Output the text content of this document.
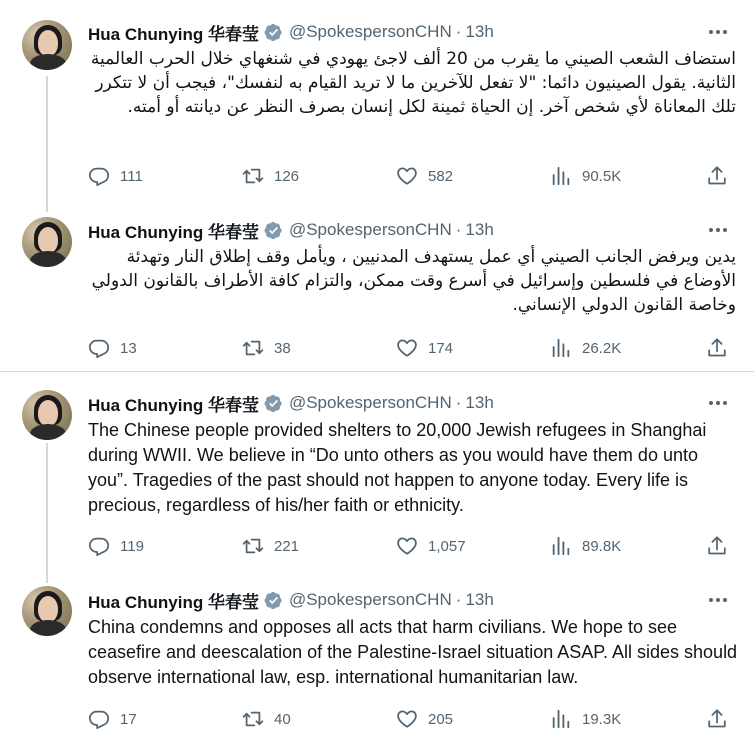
Hua Chunying 华春莹 @SpokespersonCHN · 13h
استضاف الشعب الصيني ما يقرب من 20 ألف لاجئ يهودي في شنغهاي خلال الحرب العالمية الثانية. يقول الصينيون دائما: "لا تفعل للآخرين ما لا تريد القيام به لنفسك"، فيجب أن لا تتكرر تلك المعاناة لأي شخص آخر. إن الحياة ثمينة لكل إنسان بصرف النظر عن ديانته أو أمته.
111	126	582	90.5K
Hua Chunying 华春莹 @SpokespersonCHN · 13h
يدين ويرفض الجانب الصيني أي عمل يستهدف المدنيين ، ويأمل وقف إطلاق النار وتهدئة الأوضاع في فلسطين وإسرائيل في أسرع وقت ممكن، والتزام كافة الأطراف بالقانون الدولي وخاصة القانون الدولي الإنساني.
13	38	174	26.2K
Hua Chunying 华春莹 @SpokespersonCHN · 13h
The Chinese people provided shelters to 20,000 Jewish refugees in Shanghai during WWII. We believe in “Do unto others as you would have them do unto you”. Tragedies of the past should not happen to anyone today. Every life is precious, regardless of his/her faith or ethnicity.
119	221	1,057	89.8K
Hua Chunying 华春莹 @SpokespersonCHN · 13h
China condemns and opposes all acts that harm civilians. We hope to see ceasefire and deescalation of the Palestine-Israel situation ASAP. All sides should observe international law, esp. international humanitarian law.
17	40	205	19.3K
